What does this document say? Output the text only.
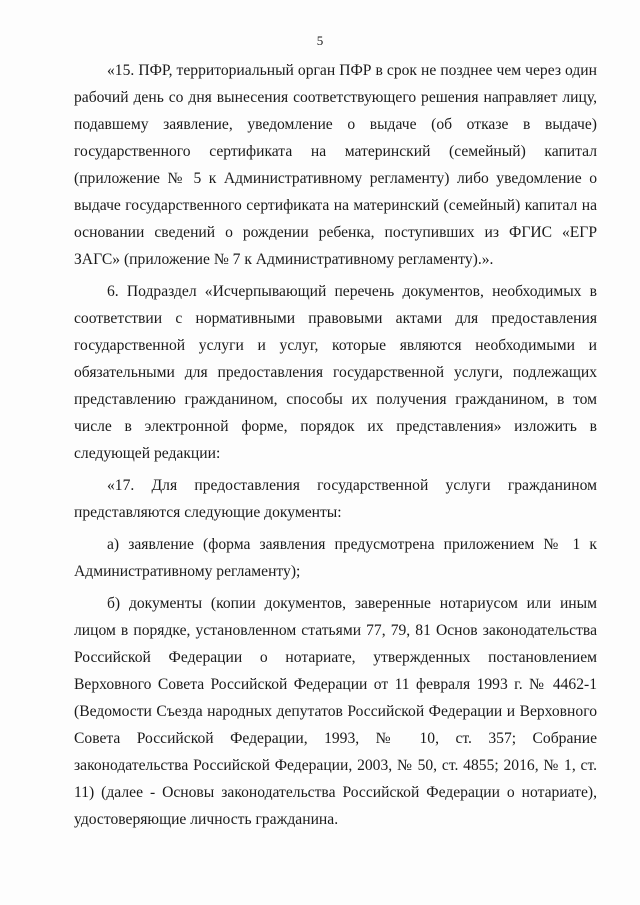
5

«15. ПФР, территориальный орган ПФР в срок не позднее чем через один рабочий день со дня вынесения соответствующего решения направляет лицу, подавшему заявление, уведомление о выдаче (об отказе в выдаче) государственного сертификата на материнский (семейный) капитал (приложение № 5 к Административному регламенту) либо уведомление о выдаче государственного сертификата на материнский (семейный) капитал на основании сведений о рождении ребенка, поступивших из ФГИС «ЕГР ЗАГС» (приложение № 7 к Административному регламенту).».

6. Подраздел «Исчерпывающий перечень документов, необходимых в соответствии с нормативными правовыми актами для предоставления государственной услуги и услуг, которые являются необходимыми и обязательными для предоставления государственной услуги, подлежащих представлению гражданином, способы их получения гражданином, в том числе в электронной форме, порядок их представления» изложить в следующей редакции:

«17. Для предоставления государственной услуги гражданином представляются следующие документы:

а) заявление (форма заявления предусмотрена приложением № 1 к Административному регламенту);

б) документы (копии документов, заверенные нотариусом или иным лицом в порядке, установленном статьями 77, 79, 81 Основ законодательства Российской Федерации о нотариате, утвержденных постановлением Верховного Совета Российской Федерации от 11 февраля 1993 г. № 4462-1 (Ведомости Съезда народных депутатов Российской Федерации и Верховного Совета Российской Федерации, 1993, № 10, ст. 357; Собрание законодательства Российской Федерации, 2003, № 50, ст. 4855; 2016, № 1, ст. 11) (далее - Основы законодательства Российской Федерации о нотариате), удостоверяющие личность гражданина.
